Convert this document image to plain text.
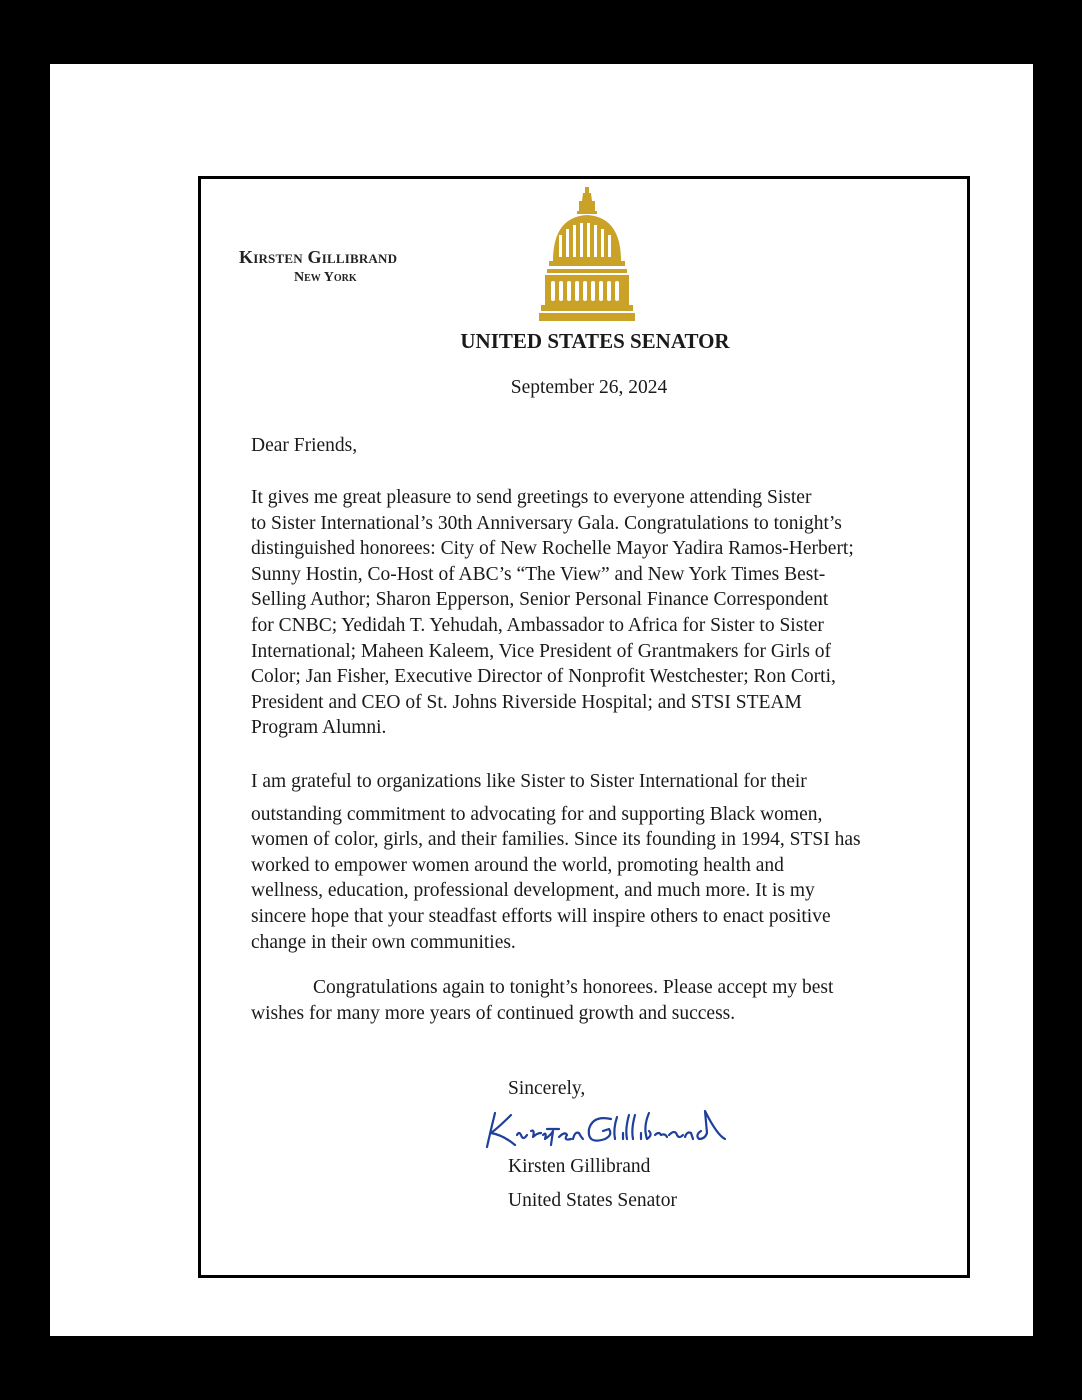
Kirsten Gillibrand
New York
UNITED STATES SENATOR
September 26, 2024
Dear Friends,
It gives me great pleasure to send greetings to everyone attending Sister
to Sister International’s 30th Anniversary Gala. Congratulations to tonight’s
distinguished honorees: City of New Rochelle Mayor Yadira Ramos-Herbert;
Sunny Hostin, Co-Host of ABC’s “The View” and New York Times Best-
Selling Author; Sharon Epperson, Senior Personal Finance Correspondent
for CNBC; Yedidah T. Yehudah, Ambassador to Africa for Sister to Sister
International; Maheen Kaleem, Vice President of Grantmakers for Girls of
Color; Jan Fisher, Executive Director of Nonprofit Westchester; Ron Corti,
President and CEO of St. Johns Riverside Hospital; and STSI STEAM
Program Alumni.
I am grateful to organizations like Sister to Sister International for their
outstanding commitment to advocating for and supporting Black women,
women of color, girls, and their families. Since its founding in 1994, STSI has
worked to empower women around the world, promoting health and
wellness, education, professional development, and much more. It is my
sincere hope that your steadfast efforts will inspire others to enact positive
change in their own communities.
Congratulations again to tonight’s honorees. Please accept my best
wishes for many more years of continued growth and success.
Sincerely,
Kirsten Gillibrand
United States Senator
